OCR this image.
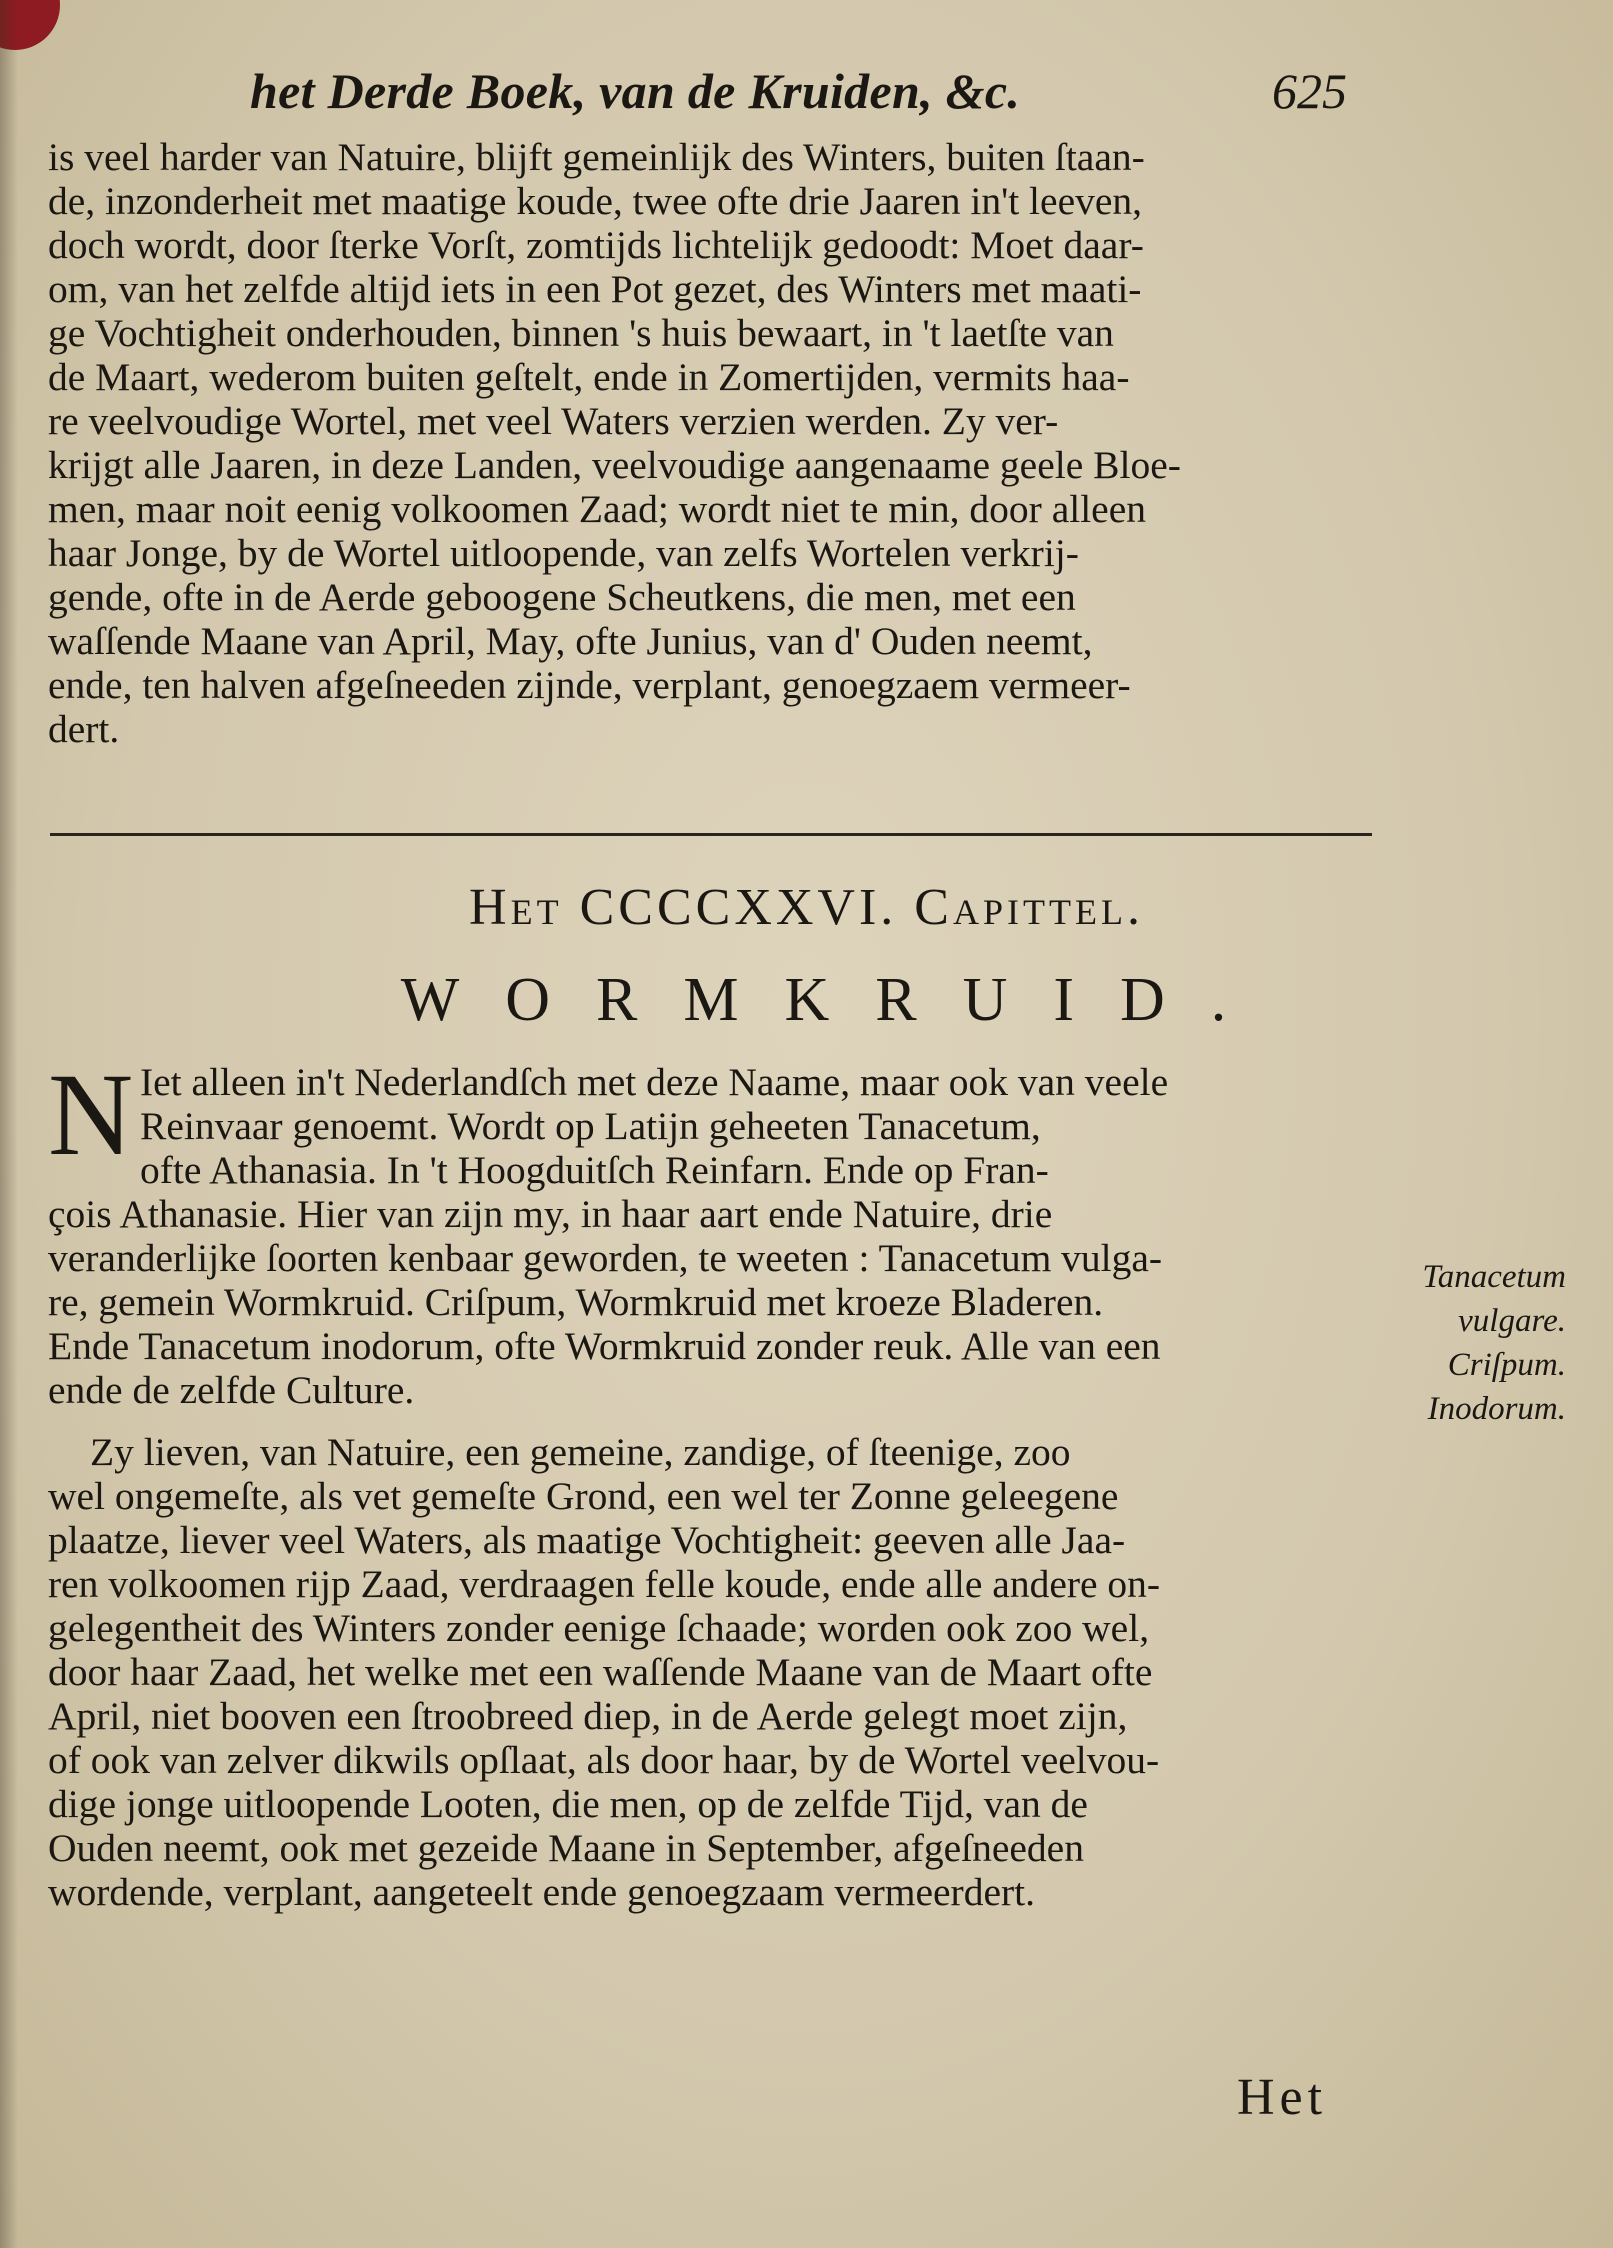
het Derde Boek, van de Kruiden, &c.	625
is veel harder van Natuire, blijft gemeinlijk des Winters, buiten ſtaan-
de, inzonderheit met maatige koude, twee ofte drie Jaaren in't leeven,
doch wordt, door ſterke Vorſt, zomtijds lichtelijk gedoodt: Moet daar-
om, van het zelfde altijd iets in een Pot gezet, des Winters met maati-
ge Vochtigheit onderhouden, binnen 's huis bewaart, in 't laetſte van
de Maart, wederom buiten geſtelt, ende in Zomertijden, vermits haa-
re veelvoudige Wortel, met veel Waters verzien werden. Zy ver-
krijgt alle Jaaren, in deze Landen, veelvoudige aangenaame geele Bloe-
men, maar noit eenig volkoomen Zaad; wordt niet te min, door alleen
haar Jonge, by de Wortel uitloopende, van zelfs Wortelen verkrij-
gende, ofte in de Aerde geboogene Scheutkens, die men, met een
waſſende Maane van April, May, ofte Junius, van d' Ouden neemt,
ende, ten halven afgeſneeden zijnde, verplant, genoegzaem vermeer-
dert.
Het CCCCXXVI. Capittel.
WORMKRUID.
N Iet alleen in't Nederlandſch met deze Naame, maar ook van veele
Reinvaar genoemt. Wordt op Latijn geheeten Tanacetum,
ofte Athanasia. In 't Hoogduitſch Reinfarn. Ende op Fran-
çois Athanasie. Hier van zijn my, in haar aart ende Natuire, drie
veranderlijke ſoorten kenbaar geworden, te weeten : Tanacetum vulga-
re, gemein Wormkruid. Criſpum, Wormkruid met kroeze Bladeren.
Ende Tanacetum inodorum, ofte Wormkruid zonder reuk. Alle van een
ende de zelfde Culture.
Tanacetum vulgare.
Criſpum.
Inodorum.
Zy lieven, van Natuire, een gemeine, zandige, of ſteenige, zoo
wel ongemeſte, als vet gemeſte Grond, een wel ter Zonne geleegene
plaatze, liever veel Waters, als maatige Vochtigheit: geeven alle Jaa-
ren volkoomen rijp Zaad, verdraagen felle koude, ende alle andere on-
gelegentheit des Winters zonder eenige ſchaade; worden ook zoo wel,
door haar Zaad, het welke met een waſſende Maane van de Maart ofte
April, niet booven een ſtroobreed diep, in de Aerde gelegt moet zijn,
of ook van zelver dikwils opſlaat, als door haar, by de Wortel veelvou-
dige jonge uitloopende Looten, die men, op de zelfde Tijd, van de
Ouden neemt, ook met gezeide Maane in September, afgeſneeden
wordende, verplant, aangeteelt ende genoegzaam vermeerdert.
Het
